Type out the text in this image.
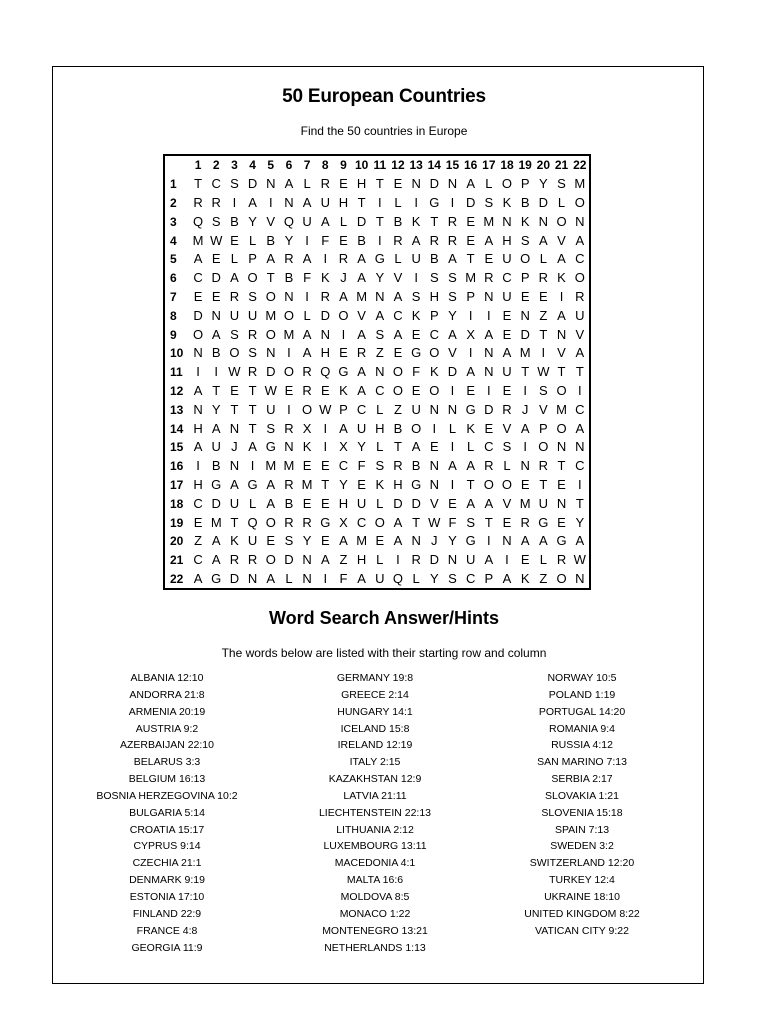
50 European Countries
Find the 50 countries in Europe
	1	2	3	4	5	6	7	8	9	10	11	12	13	14	15	16	17	18	19	20	21	22
1	T	C	S	D	N	A	L	R	E	H	T	E	N	D	N	A	L	O	P	Y	S	M
2	R	R	I	A	I	N	A	U	H	T	I	L	I	G	I	D	S	K	B	D	L	O
3	Q	S	B	Y	V	Q	U	A	L	D	T	B	K	T	R	E	M	N	K	N	O	N
4	M	W	E	L	B	Y	I	F	E	B	I	R	A	R	R	E	A	H	S	A	V	A
5	A	E	L	P	A	R	A	I	R	A	G	L	U	B	A	T	E	U	O	L	A	C
6	C	D	A	O	T	B	F	K	J	A	Y	V	I	S	S	M	R	C	P	R	K	O
7	E	E	R	S	O	N	I	R	A	M	N	A	S	H	S	P	N	U	E	E	I	R
8	D	N	U	U	M	O	L	D	O	V	A	C	K	P	Y	I	I	E	N	Z	A	U
9	O	A	S	R	O	M	A	N	I	A	S	A	E	C	A	X	A	E	D	T	N	V
10	N	B	O	S	N	I	A	H	E	R	Z	E	G	O	V	I	N	A	M	I	V	A
11	I	I	W	R	D	O	R	Q	G	A	N	O	F	K	D	A	N	U	T	W	T	T
12	A	T	E	T	W	E	R	E	K	A	C	O	E	O	I	E	I	E	I	S	O	I
13	N	Y	T	T	U	I	O	W	P	C	L	Z	U	N	N	G	D	R	J	V	M	C
14	H	A	N	T	S	R	X	I	A	U	H	B	O	I	L	K	E	V	A	P	O	A
15	A	U	J	A	G	N	K	I	X	Y	L	T	A	E	I	L	C	S	I	O	N	N
16	I	B	N	I	M	M	E	E	C	F	S	R	B	N	A	A	R	L	N	R	T	C
17	H	G	A	G	A	R	M	T	Y	E	K	H	G	N	I	T	O	O	E	T	E	I
18	C	D	U	L	A	B	E	E	H	U	L	D	D	V	E	A	A	V	M	U	N	T
19	E	M	T	Q	O	R	R	G	X	C	O	A	T	W	F	S	T	E	R	G	E	Y
20	Z	A	K	U	E	S	Y	E	A	M	E	A	N	J	Y	G	I	N	A	A	G	A
21	C	A	R	R	O	D	N	A	Z	H	L	I	R	D	N	U	A	I	E	L	R	W
22	A	G	D	N	A	L	N	I	F	A	U	Q	L	Y	S	C	P	A	K	Z	O	N
Word Search Answer/Hints
The words below are listed with their starting row and column
ALBANIA 12:10
ANDORRA 21:8
ARMENIA 20:19
AUSTRIA 9:2
AZERBAIJAN 22:10
BELARUS 3:3
BELGIUM 16:13
BOSNIA HERZEGOVINA 10:2
BULGARIA 5:14
CROATIA 15:17
CYPRUS 9:14
CZECHIA 21:1
DENMARK 9:19
ESTONIA 17:10
FINLAND 22:9
FRANCE 4:8
GEORGIA 11:9
GERMANY 19:8
GREECE 2:14
HUNGARY 14:1
ICELAND 15:8
IRELAND 12:19
ITALY 2:15
KAZAKHSTAN 12:9
LATVIA 21:11
LIECHTENSTEIN 22:13
LITHUANIA 2:12
LUXEMBOURG 13:11
MACEDONIA 4:1
MALTA 16:6
MOLDOVA 8:5
MONACO 1:22
MONTENEGRO 13:21
NETHERLANDS 1:13
NORWAY 10:5
POLAND 1:19
PORTUGAL 14:20
ROMANIA 9:4
RUSSIA 4:12
SAN MARINO 7:13
SERBIA 2:17
SLOVAKIA 1:21
SLOVENIA 15:18
SPAIN 7:13
SWEDEN 3:2
SWITZERLAND 12:20
TURKEY 12:4
UKRAINE 18:10
UNITED KINGDOM 8:22
VATICAN CITY 9:22
